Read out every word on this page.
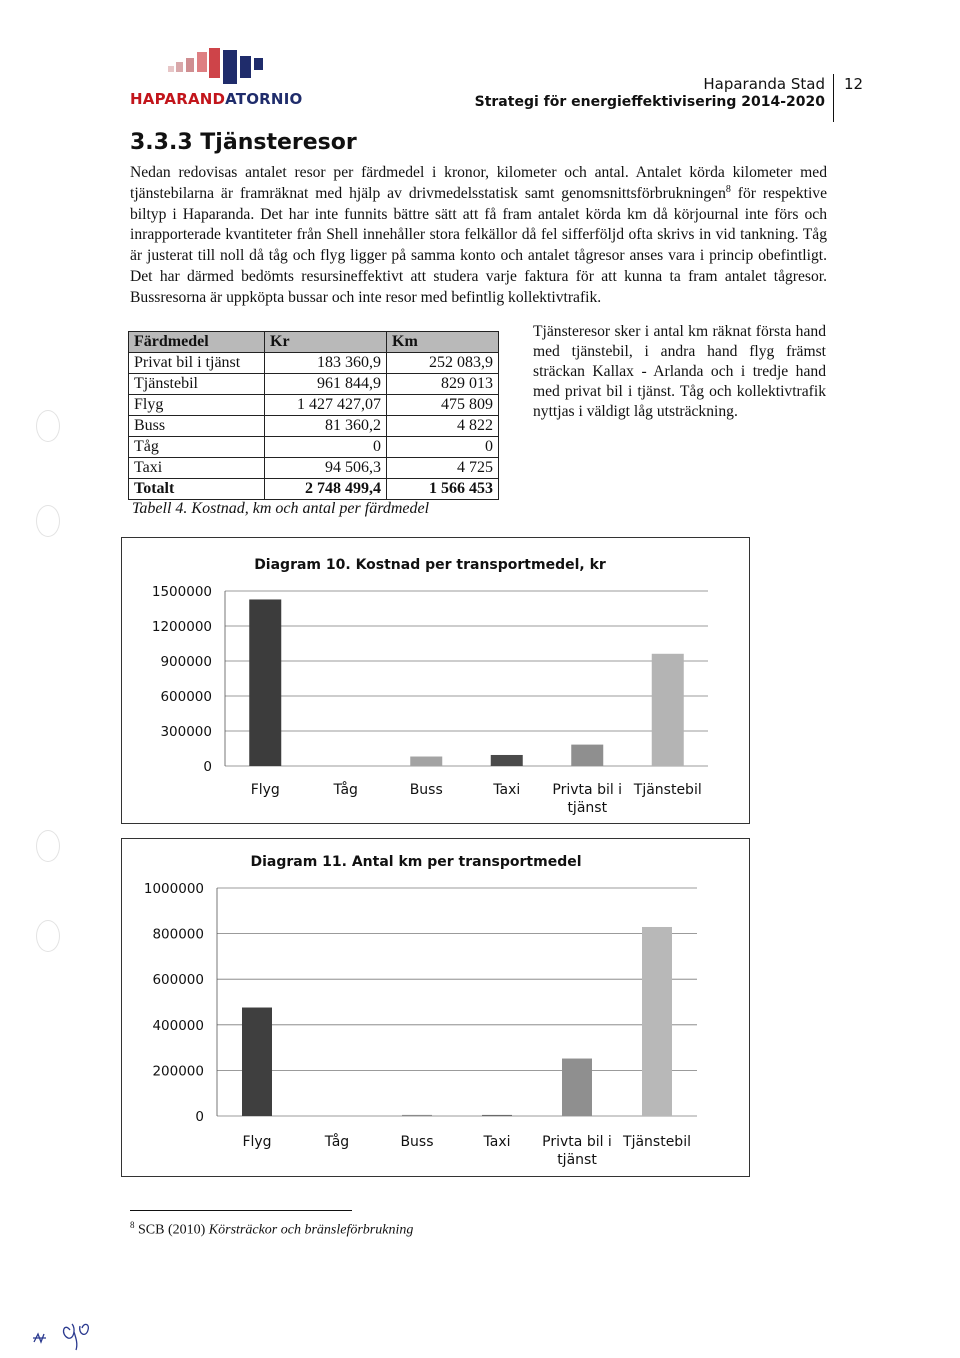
HAPARANDATORNIO
Haparanda Stad
Strategi för energieffektivisering 2014-2020
12
3.3.3 Tjänsteresor
Nedan redovisas antalet resor per färdmedel i kronor, kilometer och antal. Antalet körda kilometer med tjänstebilarna är framräknat med hjälp av drivmedelsstatisk samt genomsnittsförbrukningen$^8$ för respektive biltyp i Haparanda. Det har inte funnits bättre sätt att få fram antalet körda km då körjournal inte förs och inrapporterade kvantiteter från Shell innehåller stora felkällor då fel sifferföljd ofta skrivs in vid tankning. Tåg är justerat till noll då tåg och flyg ligger på samma konto och antalet tågresor anses vara i princip obefintligt. Det har därmed bedömts resursineffektivt att studera varje faktura för att kunna ta fram antalet tågresor. Bussresorna är uppköpta bussar och inte resor med befintlig kollektivtrafik.
Färdmedel	Kr	Km
Privat bil i tjänst	183 360,9	252 083,9
Tjänstebil	961 844,9	829 013
Flyg	1 427 427,07	475 809
Buss	81 360,2	4 822
Tåg	0	0
Taxi	94 506,3	4 725
Totalt	2 748 499,4	1 566 453
Tabell 4. Kostnad, km och antal per färdmedel
Tjänsteresor sker i antal km räknat första hand med tjänstebil, i andra hand flyg främst sträckan Kallax - Arlanda och i tredje hand med privat bil i tjänst. Tåg och kollektivtrafik nyttjas i väldigt låg utsträckning.
Diagram 10. Kostnad per transportmedel, kr
0
300000
600000
900000
1200000
1500000
Flyg	Tåg	Buss	Taxi Privta bil i tjänst
Tjänstebil
Diagram 11. Antal km per transportmedel
0
200000
400000
600000
800000
1000000
Flyg	Tåg	Buss	Taxi Privta bil i tjänst
Tjänstebil
$^8$ SCB (2010) Körsträckor och bränsleförbrukning
